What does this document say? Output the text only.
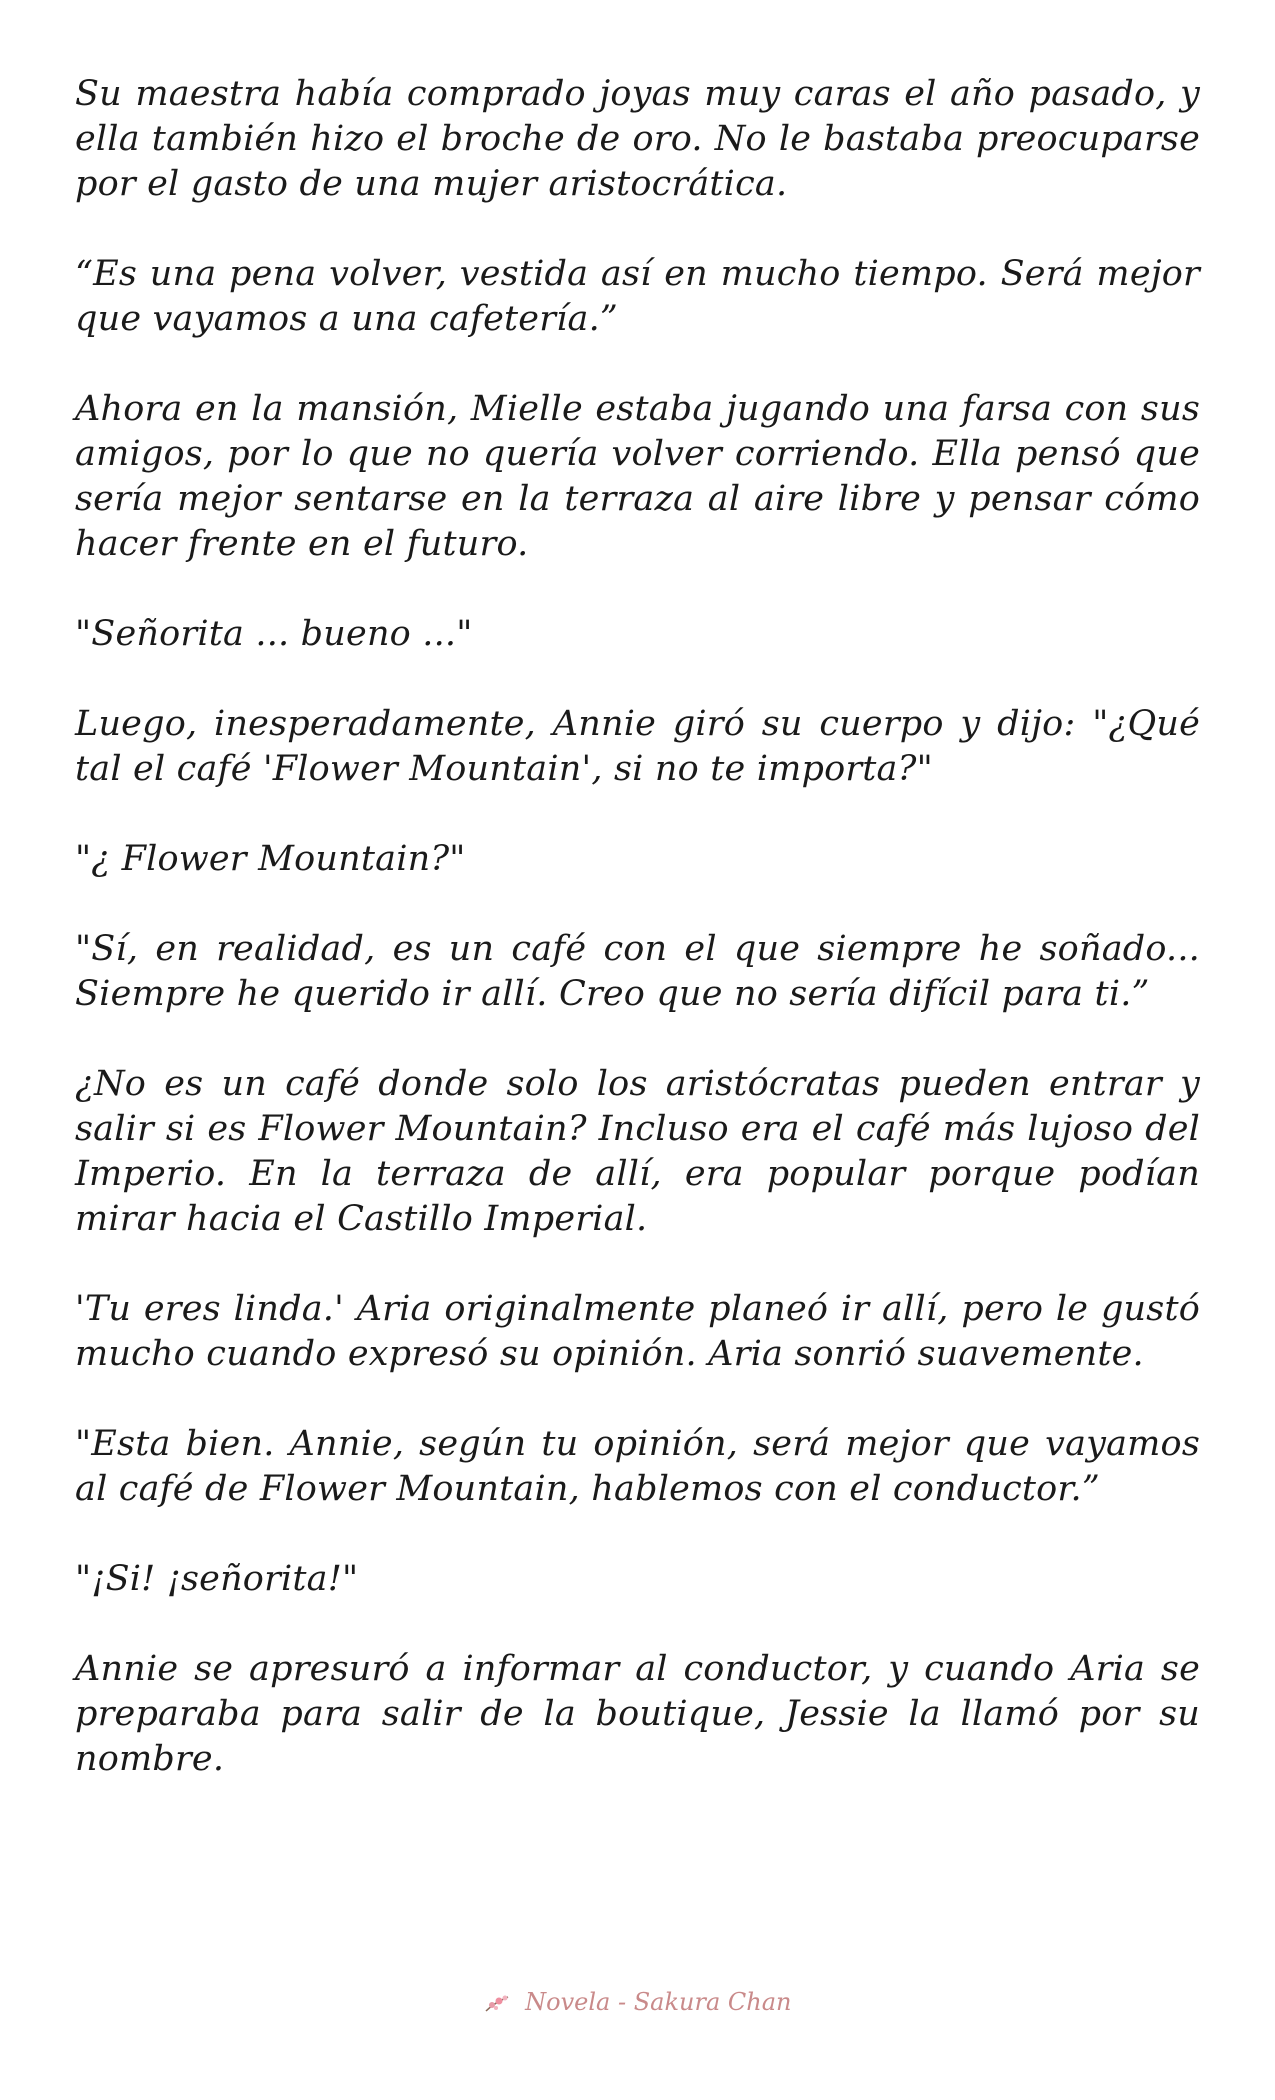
Su maestra había comprado joyas muy caras el año pasado, y ella también hizo el broche de oro. No le bastaba preocuparse por el gasto de una mujer aristocrática.

“Es una pena volver, vestida así en mucho tiempo. Será mejor que vayamos a una cafetería.”

Ahora en la mansión, Mielle estaba jugando una farsa con sus amigos, por lo que no quería volver corriendo. Ella pensó que sería mejor sentarse en la terraza al aire libre y pensar cómo hacer frente en el futuro.

"Señorita ... bueno ..."

Luego, inesperadamente, Annie giró su cuerpo y dijo: "¿Qué tal el café 'Flower Mountain', si no te importa?"

"¿ Flower Mountain?"

"Sí, en realidad, es un café con el que siempre he soñado... Siempre he querido ir allí. Creo que no sería difícil para ti.”

¿No es un café donde solo los aristócratas pueden entrar y salir si es Flower Mountain? Incluso era el café más lujoso del Imperio. En la terraza de allí, era popular porque podían mirar hacia el Castillo Imperial.

'Tu eres linda.' Aria originalmente planeó ir allí, pero le gustó mucho cuando expresó su opinión. Aria sonrió suavemente.

"Esta bien. Annie, según tu opinión, será mejor que vayamos al café de Flower Mountain, hablemos con el conductor.”

"¡Si! ¡señorita!"

Annie se apresuró a informar al conductor, y cuando Aria se preparaba para salir de la boutique, Jessie la llamó por su nombre.

Novela - Sakura Chan
